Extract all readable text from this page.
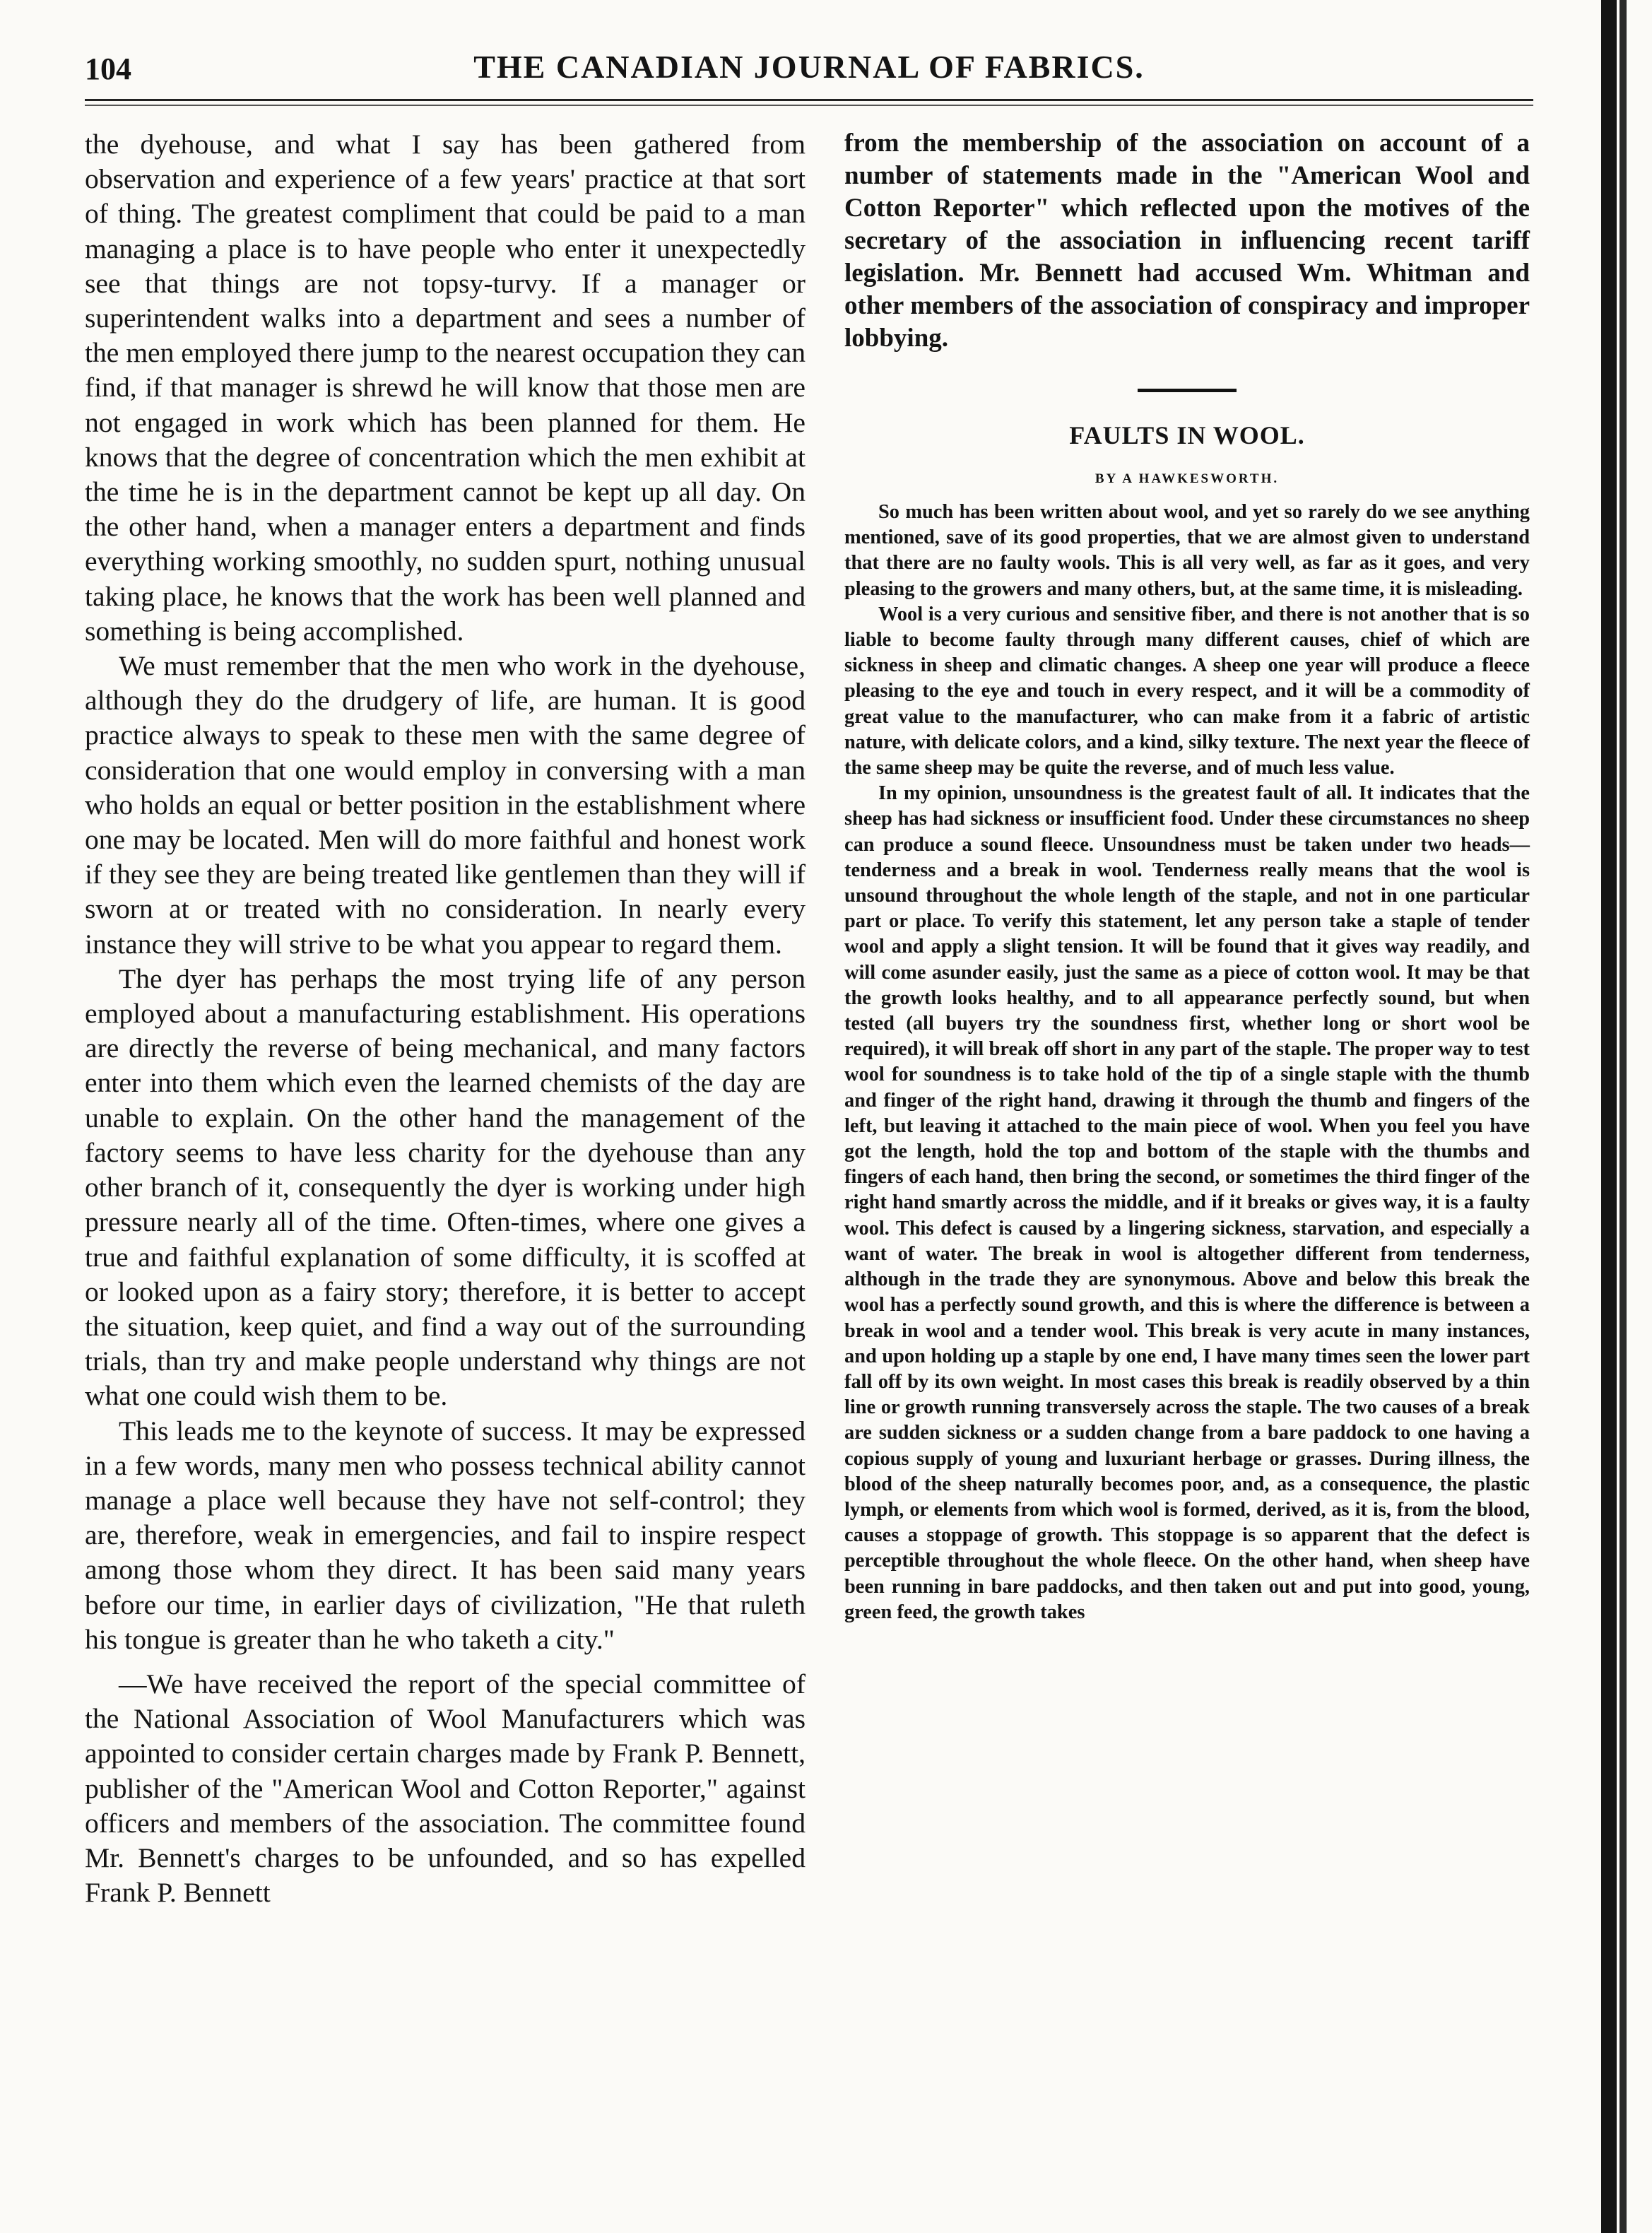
104	THE CANADIAN JOURNAL OF FABRICS.

the dyehouse, and what I say has been gathered from observation and experience of a few years' practice at that sort of thing. The greatest compliment that could be paid to a man managing a place is to have people who enter it unexpectedly see that things are not topsy-turvy. If a manager or superintendent walks into a department and sees a number of the men employed there jump to the nearest occupation they can find, if that manager is shrewd he will know that those men are not engaged in work which has been planned for them. He knows that the degree of concentration which the men exhibit at the time he is in the department cannot be kept up all day. On the other hand, when a manager enters a department and finds everything working smoothly, no sudden spurt, nothing unusual taking place, he knows that the work has been well planned and something is being accomplished.

We must remember that the men who work in the dyehouse, although they do the drudgery of life, are human. It is good practice always to speak to these men with the same degree of consideration that one would employ in conversing with a man who holds an equal or better position in the establishment where one may be located. Men will do more faithful and honest work if they see they are being treated like gentlemen than they will if sworn at or treated with no consideration. In nearly every instance they will strive to be what you appear to regard them.

The dyer has perhaps the most trying life of any person employed about a manufacturing establishment. His operations are directly the reverse of being mechanical, and many factors enter into them which even the learned chemists of the day are unable to explain. On the other hand the management of the factory seems to have less charity for the dyehouse than any other branch of it, consequently the dyer is working under high pressure nearly all of the time. Often-times, where one gives a true and faithful explanation of some difficulty, it is scoffed at or looked upon as a fairy story; therefore, it is better to accept the situation, keep quiet, and find a way out of the surrounding trials, than try and make people understand why things are not what one could wish them to be.

This leads me to the keynote of success. It may be expressed in a few words, many men who possess technical ability cannot manage a place well because they have not self-control; they are, therefore, weak in emergencies, and fail to inspire respect among those whom they direct. It has been said many years before our time, in earlier days of civilization, "He that ruleth his tongue is greater than he who taketh a city."

—We have received the report of the special committee of the National Association of Wool Manufacturers which was appointed to consider certain charges made by Frank P. Bennett, publisher of the "American Wool and Cotton Reporter," against officers and members of the association. The committee found Mr. Bennett's charges to be unfounded, and so has expelled Frank P. Bennett

from the membership of the association on account of a number of statements made in the "American Wool and Cotton Reporter" which reflected upon the motives of the secretary of the association in influencing recent tariff legislation. Mr. Bennett had accused Wm. Whitman and other members of the association of conspiracy and improper lobbying.

FAULTS IN WOOL.
BY A HAWKESWORTH.

So much has been written about wool, and yet so rarely do we see anything mentioned, save of its good properties, that we are almost given to understand that there are no faulty wools. This is all very well, as far as it goes, and very pleasing to the growers and many others, but, at the same time, it is misleading.

Wool is a very curious and sensitive fiber, and there is not another that is so liable to become faulty through many different causes, chief of which are sickness in sheep and climatic changes. A sheep one year will produce a fleece pleasing to the eye and touch in every respect, and it will be a commodity of great value to the manufacturer, who can make from it a fabric of artistic nature, with delicate colors, and a kind, silky texture. The next year the fleece of the same sheep may be quite the reverse, and of much less value.

In my opinion, unsoundness is the greatest fault of all. It indicates that the sheep has had sickness or insufficient food. Under these circumstances no sheep can produce a sound fleece. Unsoundness must be taken under two heads—tenderness and a break in wool. Tenderness really means that the wool is unsound throughout the whole length of the staple, and not in one particular part or place. To verify this statement, let any person take a staple of tender wool and apply a slight tension. It will be found that it gives way readily, and will come asunder easily, just the same as a piece of cotton wool. It may be that the growth looks healthy, and to all appearance perfectly sound, but when tested (all buyers try the soundness first, whether long or short wool be required), it will break off short in any part of the staple. The proper way to test wool for soundness is to take hold of the tip of a single staple with the thumb and finger of the right hand, drawing it through the thumb and fingers of the left, but leaving it attached to the main piece of wool. When you feel you have got the length, hold the top and bottom of the staple with the thumbs and fingers of each hand, then bring the second, or sometimes the third finger of the right hand smartly across the middle, and if it breaks or gives way, it is a faulty wool. This defect is caused by a lingering sickness, starvation, and especially a want of water. The break in wool is altogether different from tenderness, although in the trade they are synonymous. Above and below this break the wool has a perfectly sound growth, and this is where the difference is between a break in wool and a tender wool. This break is very acute in many instances, and upon holding up a staple by one end, I have many times seen the lower part fall off by its own weight. In most cases this break is readily observed by a thin line or growth running transversely across the staple. The two causes of a break are sudden sickness or a sudden change from a bare paddock to one having a copious supply of young and luxuriant herbage or grasses. During illness, the blood of the sheep naturally becomes poor, and, as a consequence, the plastic lymph, or elements from which wool is formed, derived, as it is, from the blood, causes a stoppage of growth. This stoppage is so apparent that the defect is perceptible throughout the whole fleece. On the other hand, when sheep have been running in bare paddocks, and then taken out and put into good, young, green feed, the growth takes
